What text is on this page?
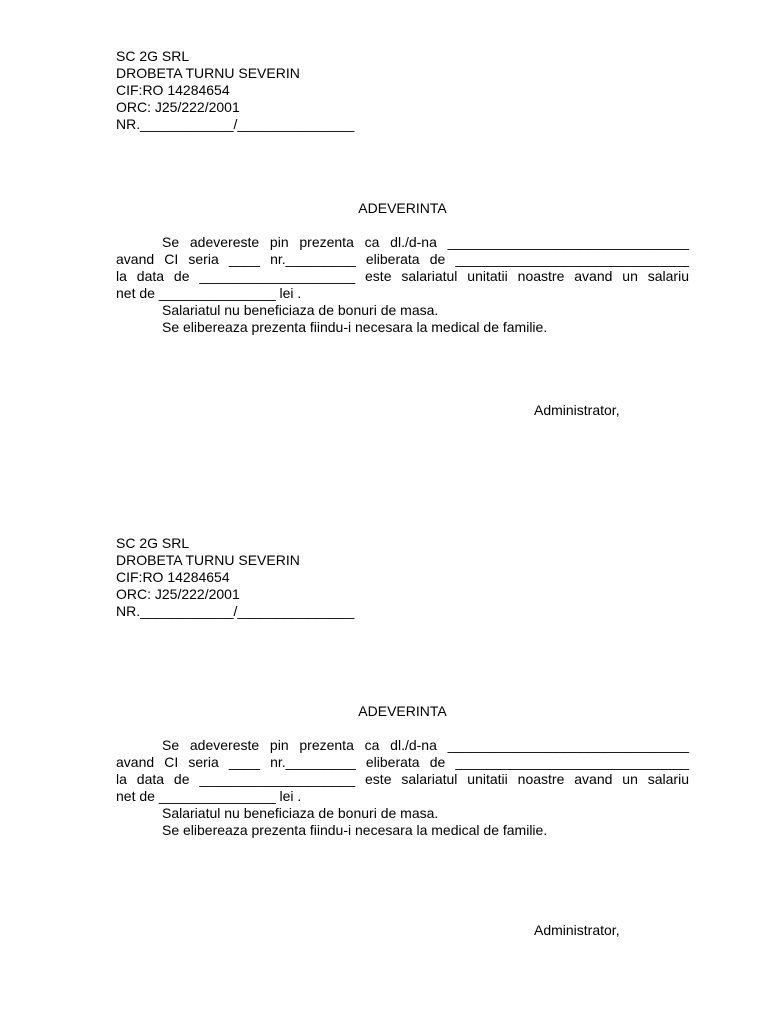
SC 2G SRL
DROBETA TURNU SEVERIN
CIF:RO 14284654
ORC: J25/222/2001
NR.____________/_______________
ADEVERINTA
Se adevereste pin prezenta ca dl./d-na _______________________________
avand CI seria ____ nr._________ eliberata de ______________________________
la data de ____________________ este salariatul unitatii noastre avand un salariu
net de _______________ lei .
Salariatul nu beneficiaza de bonuri de masa.
Se elibereaza prezenta fiindu-i necesara la medical de familie.
Administrator,
SC 2G SRL
DROBETA TURNU SEVERIN
CIF:RO 14284654
ORC: J25/222/2001
NR.____________/_______________
ADEVERINTA
Se adevereste pin prezenta ca dl./d-na _______________________________
avand CI seria ____ nr._________ eliberata de ______________________________
la data de ____________________ este salariatul unitatii noastre avand un salariu
net de _______________ lei .
Salariatul nu beneficiaza de bonuri de masa.
Se elibereaza prezenta fiindu-i necesara la medical de familie.
Administrator,
